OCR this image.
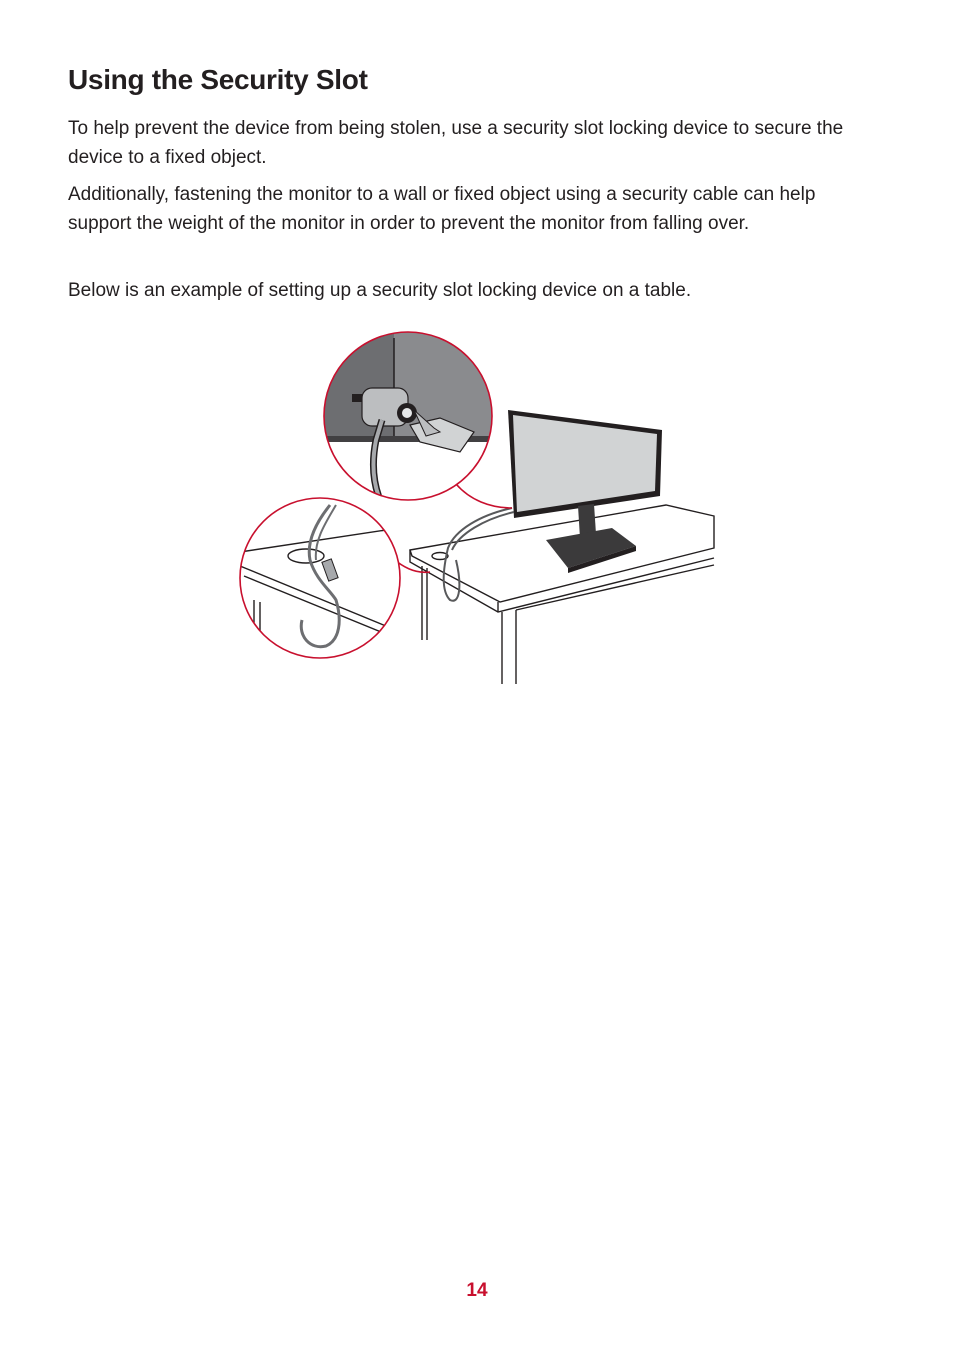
Using the Security Slot

To help prevent the device from being stolen, use a security slot locking device to secure the device to a fixed object.

Additionally, fastening the monitor to a wall or fixed object using a security cable can help support the weight of the monitor in order to prevent the monitor from falling over.

Below is an example of setting up a security slot locking device on a table.

14
